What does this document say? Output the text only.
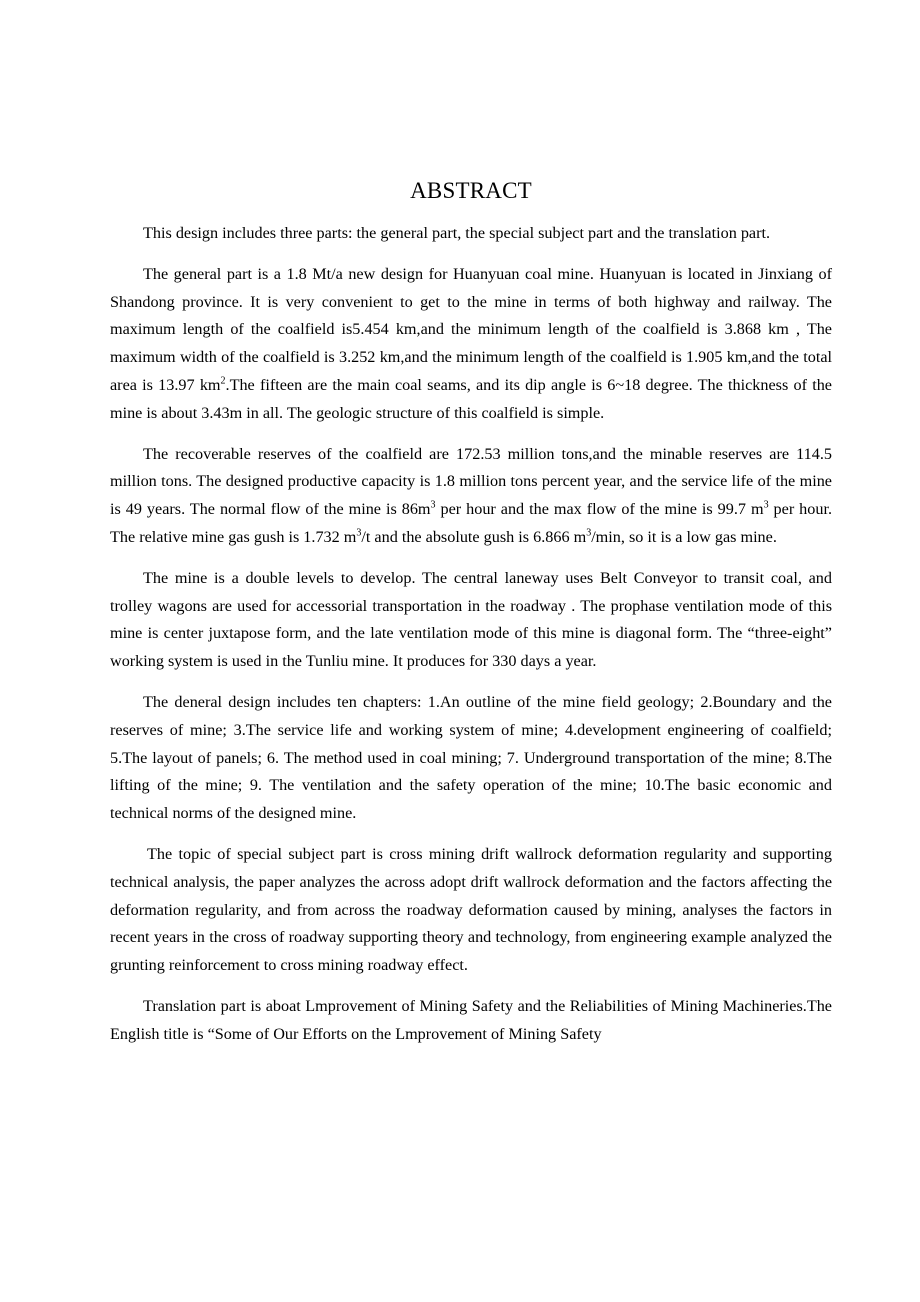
ABSTRACT

This design includes three parts: the general part, the special subject part and the translation part.

The general part is a 1.8 Mt/a new design for Huanyuan coal mine. Huanyuan is located in Jinxiang of Shandong province. It is very convenient to get to the mine in terms of both highway and railway. The maximum length of the coalfield is5.454 km,and the minimum length of the coalfield is 3.868 km , The maximum width of the coalfield is 3.252 km,and the minimum length of the coalfield is 1.905 km,and the total area is 13.97 $km^2.The$ fifteen are the main coal seams, and its dip angle is 6~18 degree. The thickness of the mine is about 3.43m in all. The geologic structure of this coalfield is simple.

The recoverable reserves of the coalfield are 172.53 million tons,and the minable reserves are 114.5 million tons. The designed productive capacity is 1.8 million tons percent year, and the service life of the mine is 49 years. The normal flow of the mine is $86m^3$ per hour and the max flow of the mine is 99.7 $m^3$ per hour. The relative mine gas gush is 1.732 $m^3/t$ and the absolute gush is 6.866 $m^3/\min$, so it is a low gas mine.

The mine is a double levels to develop. The central laneway uses Belt Conveyor to transit coal, and trolley wagons are used for accessorial transportation in the roadway . The prophase ventilation mode of this mine is center juxtapose form, and the late ventilation mode of this mine is diagonal form. The “three-eight” working system is used in the Tunliu mine. It produces for 330 days a year.

The deneral design includes ten chapters: 1.An outline of the mine field geology; 2.Boundary and the reserves of mine; 3.The service life and working system of mine; 4.development engineering of coalfield; 5.The layout of panels; 6. The method used in coal mining; 7. Underground transportation of the mine; 8.The lifting of the mine; 9. The ventilation and the safety operation of the mine; 10.The basic economic and technical norms of the designed mine.

The topic of special subject part is cross mining drift wallrock deformation regularity and supporting technical analysis, the paper analyzes the across adopt drift wallrock deformation and the factors affecting the deformation regularity, and from across the roadway deformation caused by mining, analyses the factors in recent years in the cross of roadway supporting theory and technology, from engineering example analyzed the grunting reinforcement to cross mining roadway effect.

Translation part is aboat Lmprovement of Mining Safety and the Reliabilities of Mining Machineries.The English title is “Some of Our Efforts on the Lmprovement of Mining Safety
